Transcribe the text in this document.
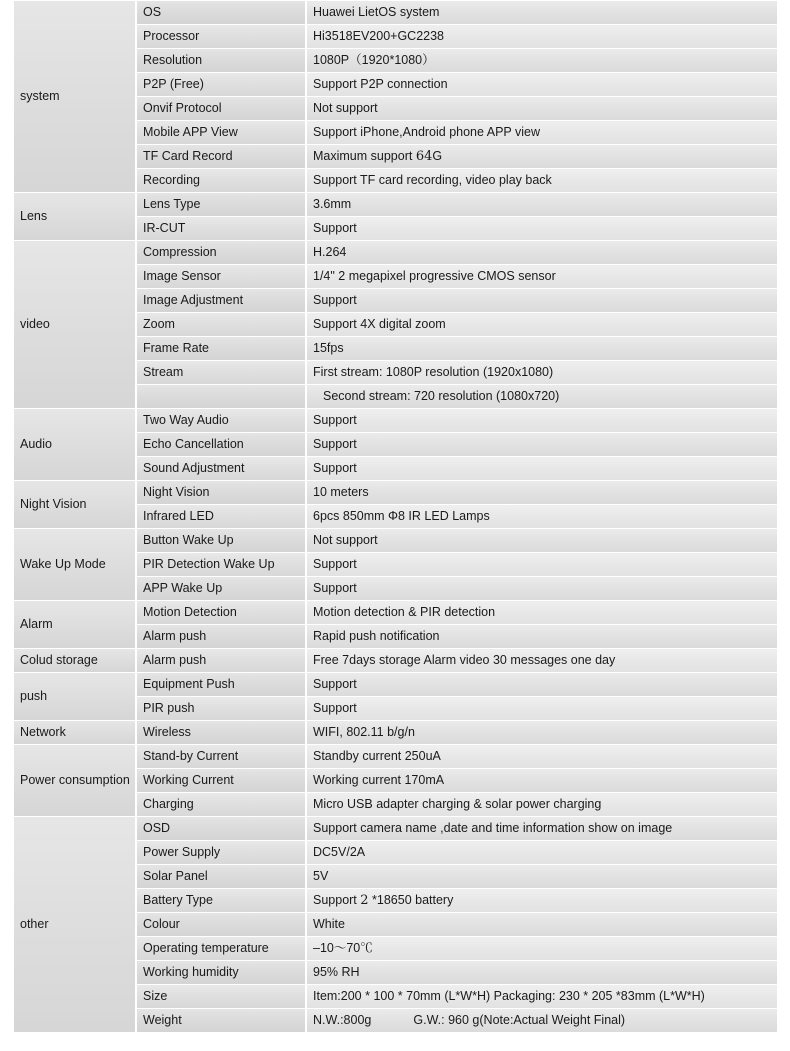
system	OS	Huawei LietOS system
	Processor	Hi3518EV200+GC2238
	Resolution	1080P（1920*1080）
	P2P (Free)	Support P2P connection
	Onvif Protocol	Not support
	Mobile APP View	Support iPhone,Android phone APP view
	TF Card Record	Maximum support 64G
	Recording	Support TF card recording, video play back
Lens	Lens Type	3.6mm
	IR-CUT	Support
video	Compression	H.264
	Image Sensor	1/4" 2 megapixel progressive CMOS sensor
	Image Adjustment	Support
	Zoom	Support 4X digital zoom
	Frame Rate	15fps
	Stream	First stream: 1080P resolution (1920x1080)
		Second stream: 720 resolution (1080x720)
Audio	Two Way Audio	Support
	Echo Cancellation	Support
	Sound Adjustment	Support
Night Vision	Night Vision	10 meters
	Infrared LED	6pcs 850mm Φ8 IR LED Lamps
Wake Up Mode	Button Wake Up	Not support
	PIR Detection Wake Up	Support
	APP Wake Up	Support
Alarm	Motion Detection	Motion detection & PIR detection
	Alarm push	Rapid push notification
Colud storage	Alarm push	Free 7days storage Alarm video 30 messages one day
push	Equipment Push	Support
	PIR push	Support
Network	Wireless	WIFI, 802.11 b/g/n
Power consumption	Stand-by Current	Standby current 250uA
	Working Current	Working current 170mA
	Charging	Micro USB adapter charging & solar power charging
other	OSD	Support camera name ,date and time information show on image
	Power Supply	DC5V/2A
	Solar Panel	5V
	Battery Type	Support 2 *18650 battery
	Colour	White
	Operating temperature	–10～70℃
	Working humidity	95% RH
	Size	Item:200 * 100 * 70mm (L*W*H) Packaging: 230 * 205 *83mm (L*W*H)
	Weight	N.W.:800g G.W.: 960 g(Note:Actual Weight Final)
